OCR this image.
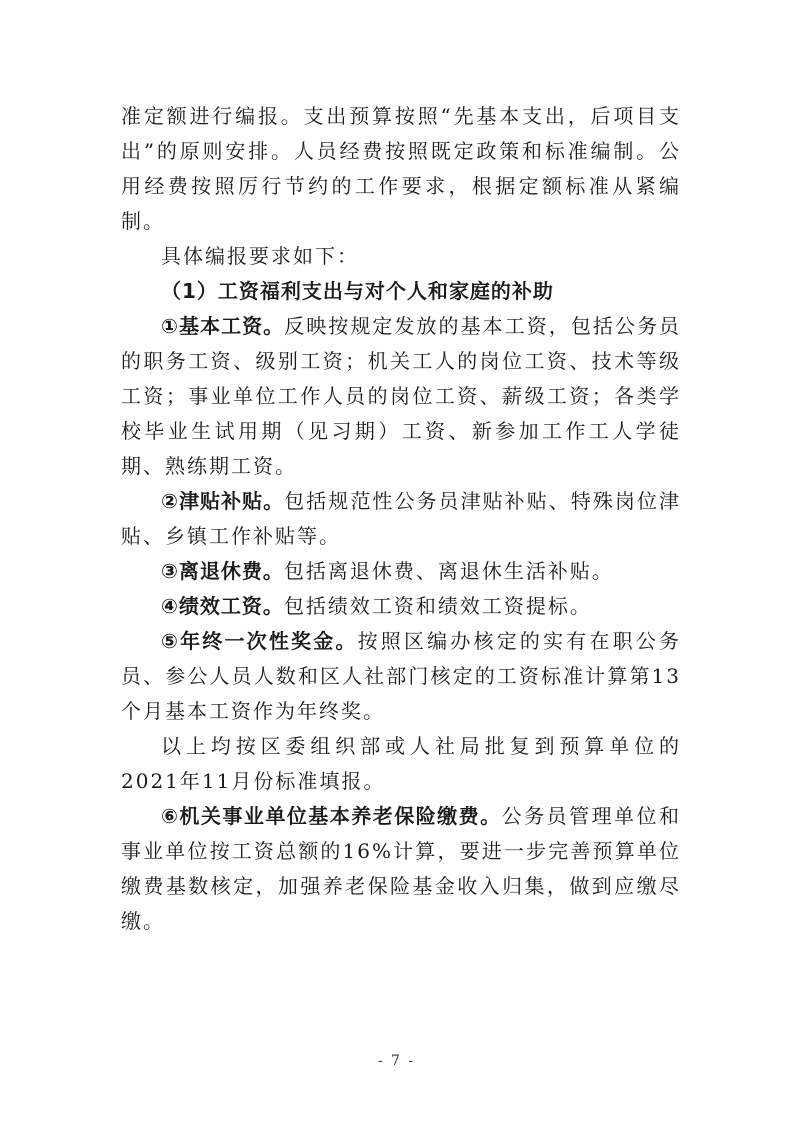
准定额进行编报。支出预算按照“先基本支出，后项目支出”的原则安排。人员经费按照既定政策和标准编制。公用经费按照厉行节约的工作要求，根据定额标准从紧编制。

具体编报要求如下：

（1）工资福利支出与对个人和家庭的补助

①基本工资。反映按规定发放的基本工资，包括公务员的职务工资、级别工资；机关工人的岗位工资、技术等级工资；事业单位工作人员的岗位工资、薪级工资；各类学校毕业生试用期（见习期）工资、新参加工作工人学徒期、熟练期工资。

②津贴补贴。包括规范性公务员津贴补贴、特殊岗位津贴、乡镇工作补贴等。

③离退休费。包括离退休费、离退休生活补贴。

④绩效工资。包括绩效工资和绩效工资提标。

⑤年终一次性奖金。按照区编办核定的实有在职公务员、参公人员人数和区人社部门核定的工资标准计算第13个月基本工资作为年终奖。

以上均按区委组织部或人社局批复到预算单位的2021年11月份标准填报。

⑥机关事业单位基本养老保险缴费。公务员管理单位和事业单位按工资总额的16%计算，要进一步完善预算单位缴费基数核定，加强养老保险基金收入归集，做到应缴尽缴。

- 7 -
